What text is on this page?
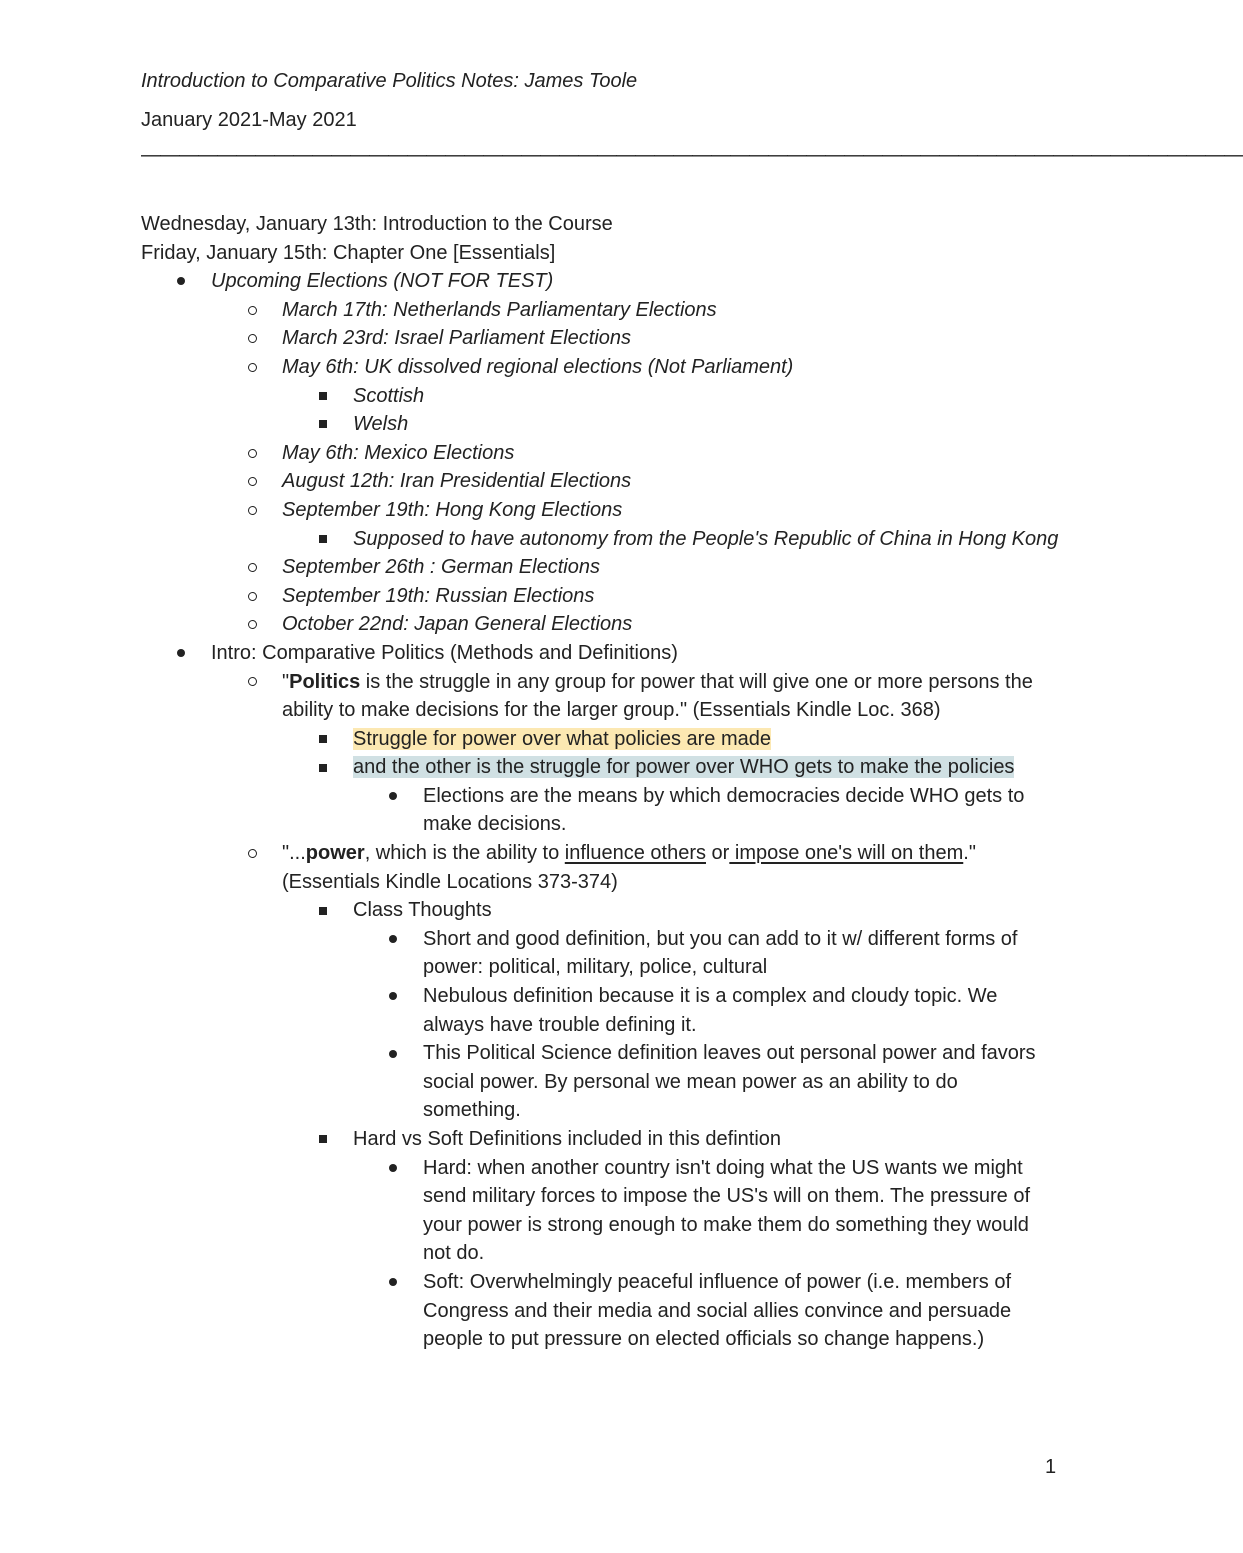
Introduction to Comparative Politics Notes: James Toole
January 2021-May 2021
——————————————————————————————————————————————————————————
Wednesday, January 13th: Introduction to the Course
Friday, January 15th: Chapter One [Essentials]
Upcoming Elections (NOT FOR TEST)
March 17th: Netherlands Parliamentary Elections
March 23rd: Israel Parliament Elections
May 6th: UK dissolved regional elections (Not Parliament)
Scottish
Welsh
May 6th: Mexico Elections
August 12th: Iran Presidential Elections
September 19th: Hong Kong Elections
Supposed to have autonomy from the People's Republic of China in Hong Kong
September 26th : German Elections
September 19th: Russian Elections
October 22nd: Japan General Elections
Intro: Comparative Politics (Methods and Definitions)
"Politics is the struggle in any group for power that will give one or more persons the ability to make decisions for the larger group." (Essentials Kindle Loc. 368)
Struggle for power over what policies are made
and the other is the struggle for power over WHO gets to make the policies
Elections are the means by which democracies decide WHO gets to make decisions.
"...power, which is the ability to influence others or impose one's will on them." (Essentials Kindle Locations 373-374)
Class Thoughts
Short and good definition, but you can add to it w/ different forms of power: political, military, police, cultural
Nebulous definition because it is a complex and cloudy topic. We always have trouble defining it.
This Political Science definition leaves out personal power and favors social power. By personal we mean power as an ability to do something.
Hard vs Soft Definitions included in this defintion
Hard: when another country isn't doing what the US wants we might send military forces to impose the US's will on them. The pressure of your power is strong enough to make them do something they would not do.
Soft: Overwhelmingly peaceful influence of power (i.e. members of Congress and their media and social allies convince and persuade people to put pressure on elected officials so change happens.)
1
